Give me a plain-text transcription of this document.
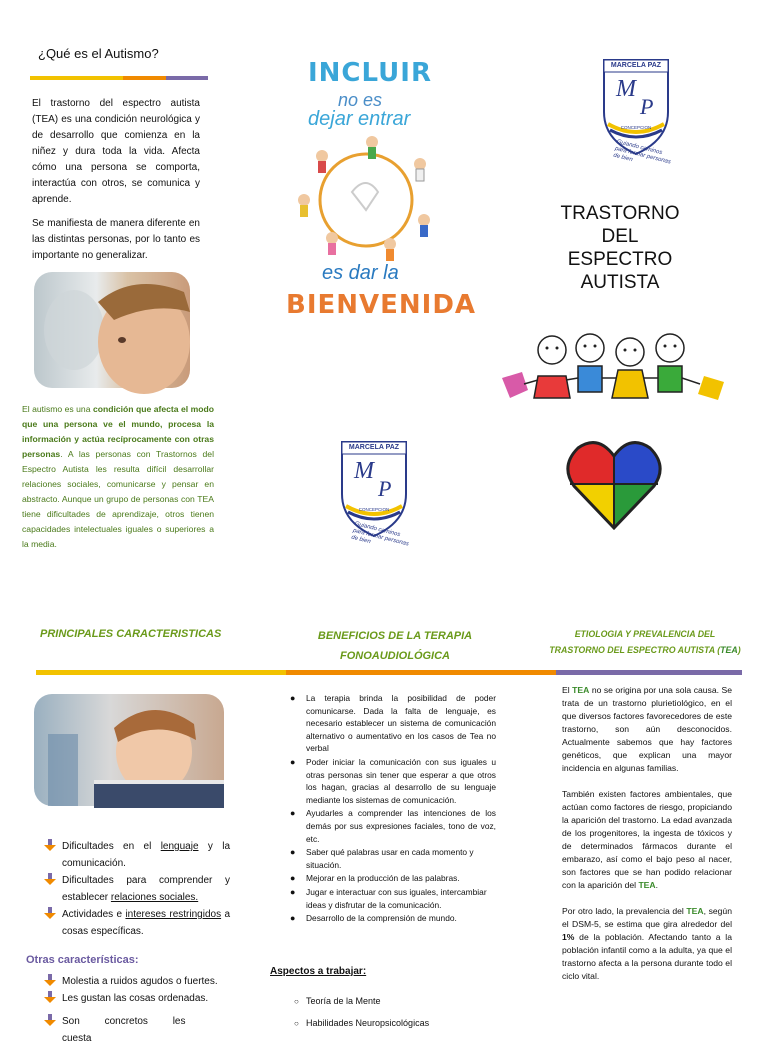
¿Qué es el Autismo?

El trastorno del espectro autista (TEA) es una condición neurológica y de desarrollo que comienza en la niñez y dura toda la vida. Afecta cómo una persona se comporta, interactúa con otros, se comunica y aprende.

Se manifiesta de manera diferente en las distintas personas, por lo tanto es importante no generalizar.

El autismo es una condición que afecta el modo que una persona ve el mundo, procesa la información y actúa recíprocamente con otras personas. A las personas con Trastornos del Espectro Autista les resulta difícil desarrollar relaciones sociales, comunicarse y pensar en abstracto. Aunque un grupo de personas con TEA tiene dificultades de aprendizaje, otros tienen capacidades intelectuales iguales o superiores a la media.

INCLUIR
no es
dejar entrar
es dar la
BIENVENIDA
MARCELA PAZ
M
P
CONCEPCION
Guiando caminos para formar personas de bien
TRASTORNO
DEL
ESPECTRO
AUTISTA
MARCELA PAZ
M
P
CONCEPCION
Guiando caminos para formar personas de bien
PRINCIPALES CARACTERISTICAS	BENEFICIOS DE LA TERAPIA
FONOAUDIOLÓGICA
ETIOLOGIA Y PREVALENCIA DEL
TRASTORNO DEL ESPECTRO AUTISTA (TEA)
Dificultades en el lenguaje y la comunicación.
Dificultades para comprender y establecer relaciones sociales.
Actividades e intereses restringidos a cosas específicas.
Otras características:
Molestia a ruidos agudos o fuertes.
Les gustan las cosas ordenadas.
Son concretos les cuesta
● La terapia brinda la posibilidad de poder comunicarse. Dada la falta de lenguaje, es necesario establecer un sistema de comunicación alternativo o aumentativo en los casos de Tea no verbal
● Poder iniciar la comunicación con sus iguales u otras personas sin tener que esperar a que otros los hagan, gracias al desarrollo de su lenguaje mediante los sistemas de comunicación.
● Ayudarles a comprender las intenciones de los demás por sus expresiones faciales, tono de voz, etc.
● Saber qué palabras usar en cada momento y situación.
● Mejorar en la producción de las palabras.
● Jugar e interactuar con sus iguales, intercambiar ideas y disfrutar de la comunicación.
● Desarrollo de la comprensión de mundo.
Aspectos a trabajar:
○ Teoría de la Mente
○ Habilidades Neuropsicológicas

El TEA no se origina por una sola causa. Se trata de un trastorno plurietiológico, en el que diversos factores favorecedores de este trastorno, son aún desconocidos. Actualmente sabemos que hay factores genéticos, que explican una mayor incidencia en algunas familias.

También existen factores ambientales, que actúan como factores de riesgo, propiciando la aparición del trastorno. La edad avanzada de los progenitores, la ingesta de tóxicos y de determinados fármacos durante el embarazo, así como el bajo peso al nacer, son factores que se han podido relacionar con la aparición del TEA.

Por otro lado, la prevalencia del TEA, según el DSM-5, se estima que gira alrededor del 1% de la población. Afectando tanto a la población infantil como a la adulta, ya que el trastorno afecta a la persona durante todo el ciclo vital.
